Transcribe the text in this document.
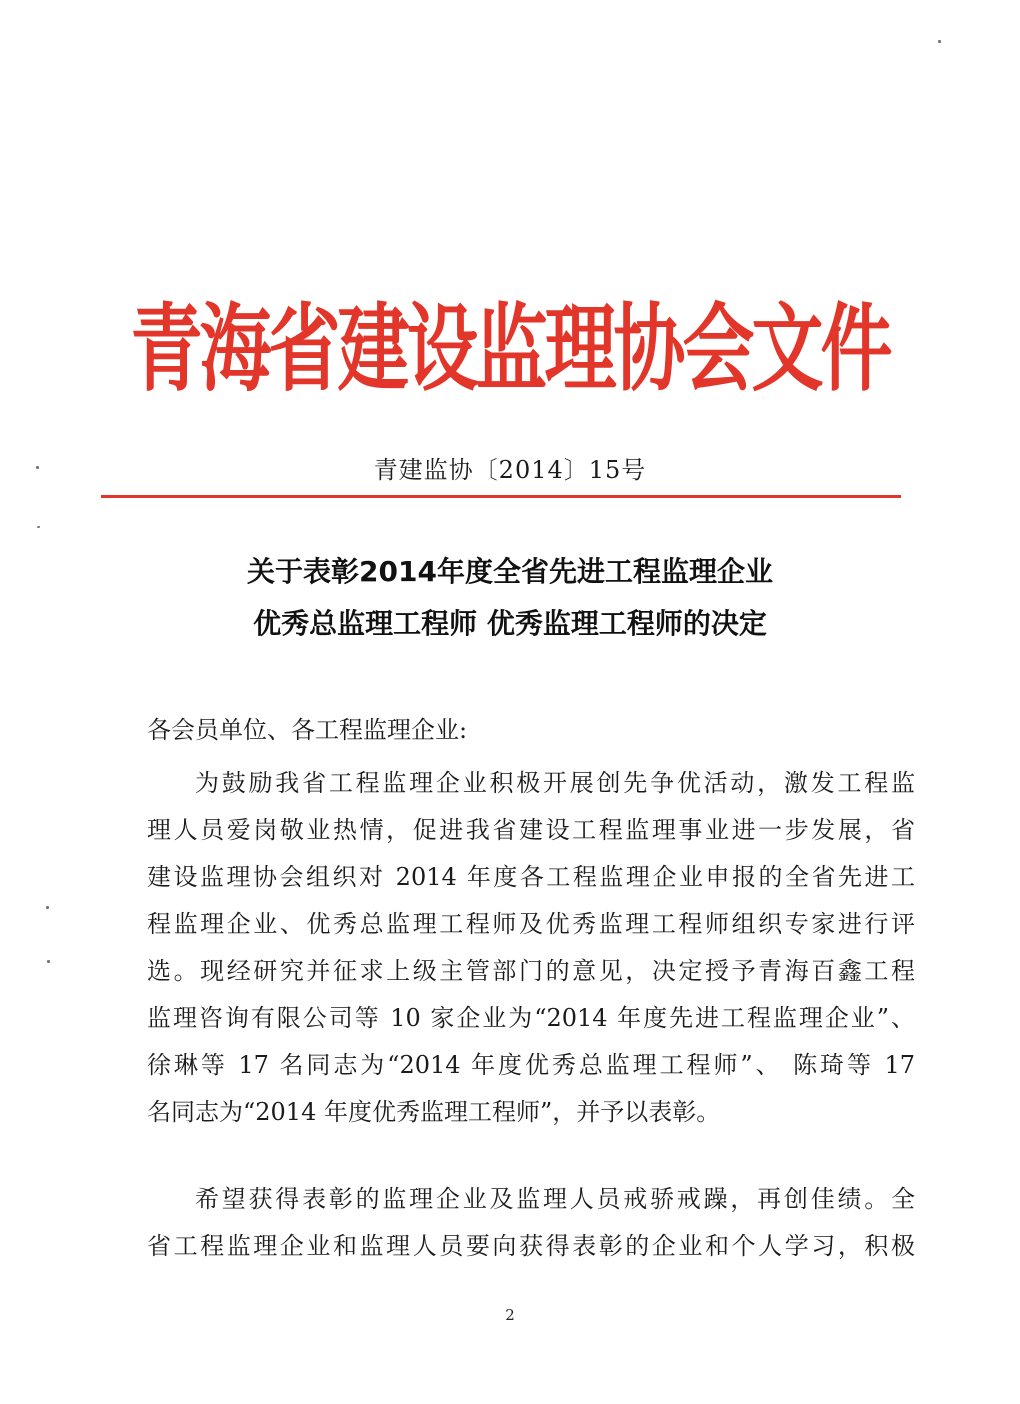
青海省建设监理协会文件
青建监协〔2014〕15号
关于表彰2014年度全省先进工程监理企业
优秀总监理工程师 优秀监理工程师的决定
各会员单位、各工程监理企业:
为鼓励我省工程监理企业积极开展创先争优活动，激发工程监
理人员爱岗敬业热情，促进我省建设工程监理事业进一步发展，省
建设监理协会组织对 2014 年度各工程监理企业申报的全省先进工
程监理企业、优秀总监理工程师及优秀监理工程师组织专家进行评
选。现经研究并征求上级主管部门的意见，决定授予青海百鑫工程
监理咨询有限公司等 10 家企业为“2014 年度先进工程监理企业”、
徐琳等 17 名同志为“2014 年度优秀总监理工程师”、 陈琦等 17
名同志为“2014 年度优秀监理工程师”，并予以表彰。
希望获得表彰的监理企业及监理人员戒骄戒躁，再创佳绩。全
省工程监理企业和监理人员要向获得表彰的企业和个人学习，积极
2
